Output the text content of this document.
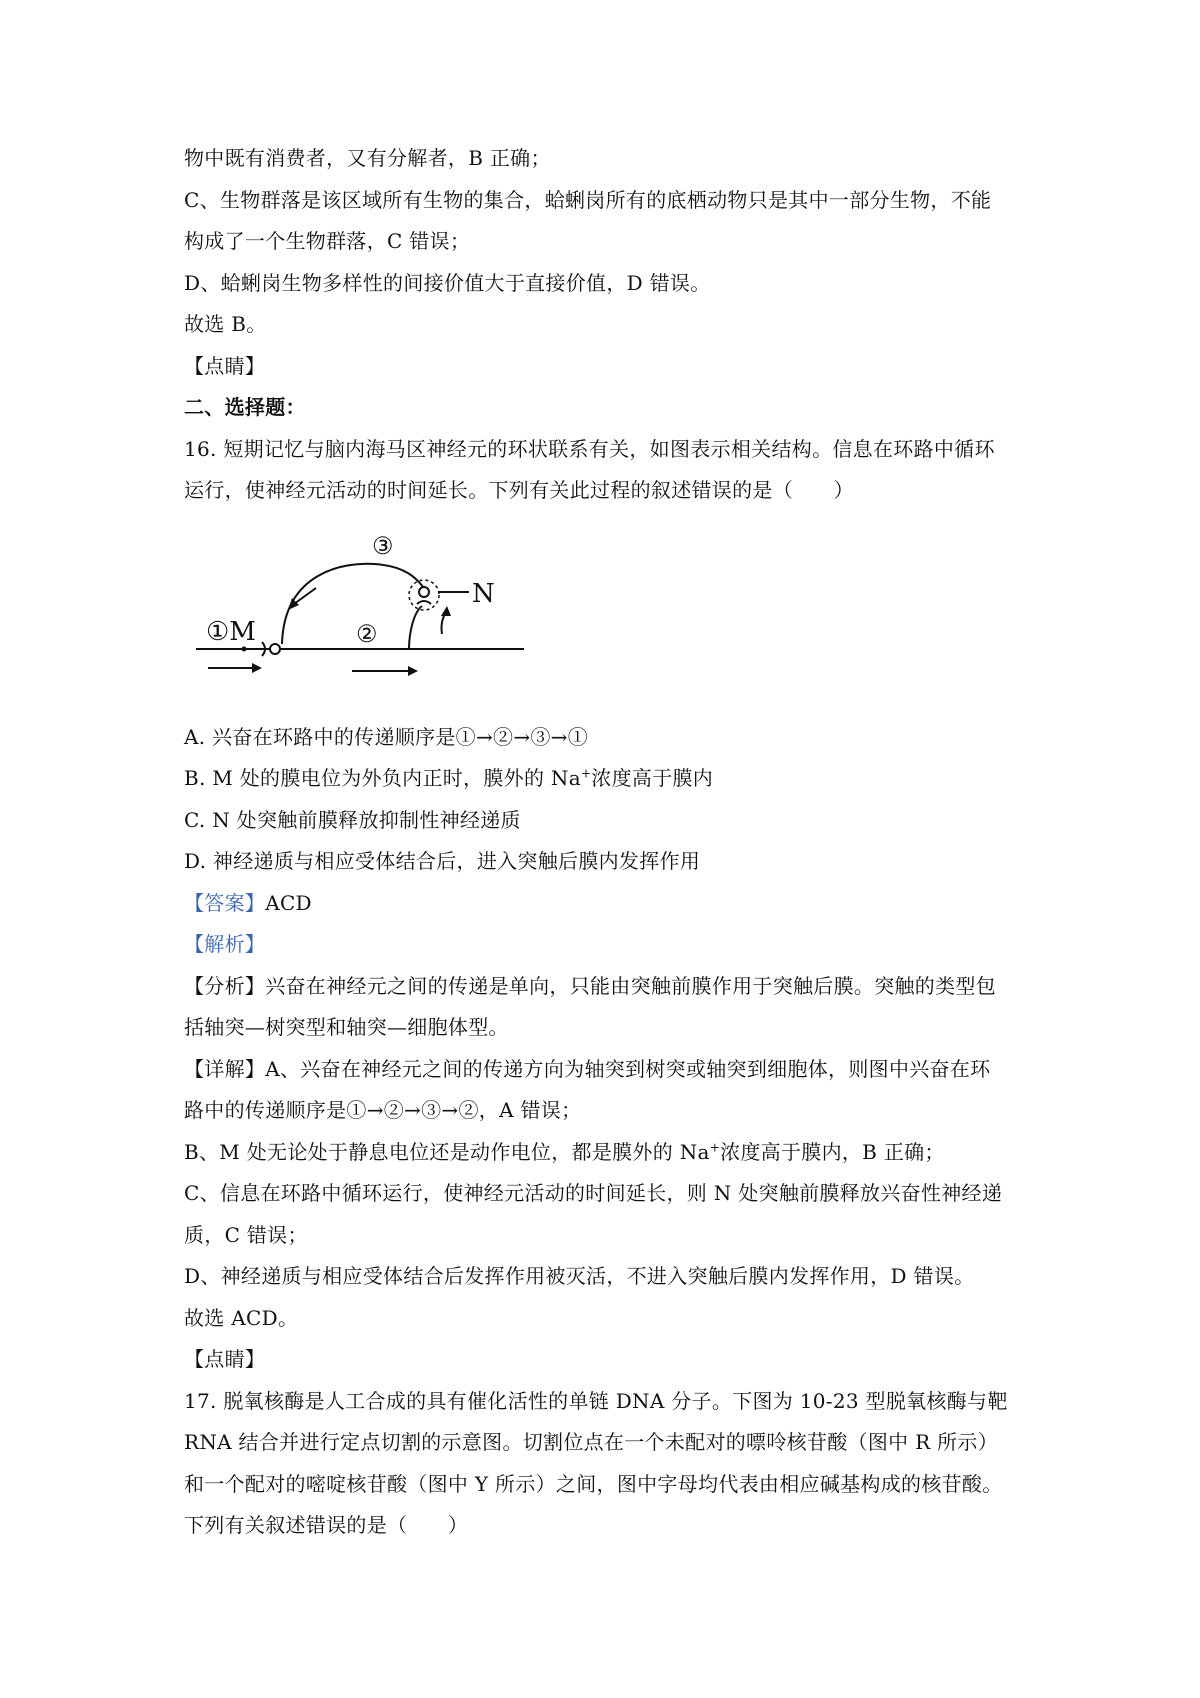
物中既有消费者，又有分解者，B 正确；
C、生物群落是该区域所有生物的集合，蛤蜊岗所有的底栖动物只是其中一部分生物，不能
构成了一个生物群落，C 错误；
D、蛤蜊岗生物多样性的间接价值大于直接价值，D 错误。
故选 B。
【点睛】
二、选择题：
16. 短期记忆与脑内海马区神经元的环状联系有关，如图表示相关结构。信息在环路中循环
运行，使神经元活动的时间延长。下列有关此过程的叙述错误的是（　　）
①M	②
③
N
A. 兴奋在环路中的传递顺序是①→②→③→①
B. M 处的膜电位为外负内正时，膜外的 Na+浓度高于膜内
C. N 处突触前膜释放抑制性神经递质
D. 神经递质与相应受体结合后，进入突触后膜内发挥作用
【答案】ACD
【解析】
【分析】兴奋在神经元之间的传递是单向，只能由突触前膜作用于突触后膜。突触的类型包
括轴突—树突型和轴突—细胞体型。
【详解】A、兴奋在神经元之间的传递方向为轴突到树突或轴突到细胞体，则图中兴奋在环
路中的传递顺序是①→②→③→②，A 错误；
B、M 处无论处于静息电位还是动作电位，都是膜外的 Na+浓度高于膜内，B 正确；
C、信息在环路中循环运行，使神经元活动的时间延长，则 N 处突触前膜释放兴奋性神经递
质，C 错误；
D、神经递质与相应受体结合后发挥作用被灭活，不进入突触后膜内发挥作用，D 错误。
故选 ACD。
【点睛】
17. 脱氧核酶是人工合成的具有催化活性的单链 DNA 分子。下图为 10-23 型脱氧核酶与靶
RNA 结合并进行定点切割的示意图。切割位点在一个未配对的嘌呤核苷酸（图中 R 所示）
和一个配对的嘧啶核苷酸（图中 Y 所示）之间，图中字母均代表由相应碱基构成的核苷酸。
下列有关叙述错误的是（　　）
